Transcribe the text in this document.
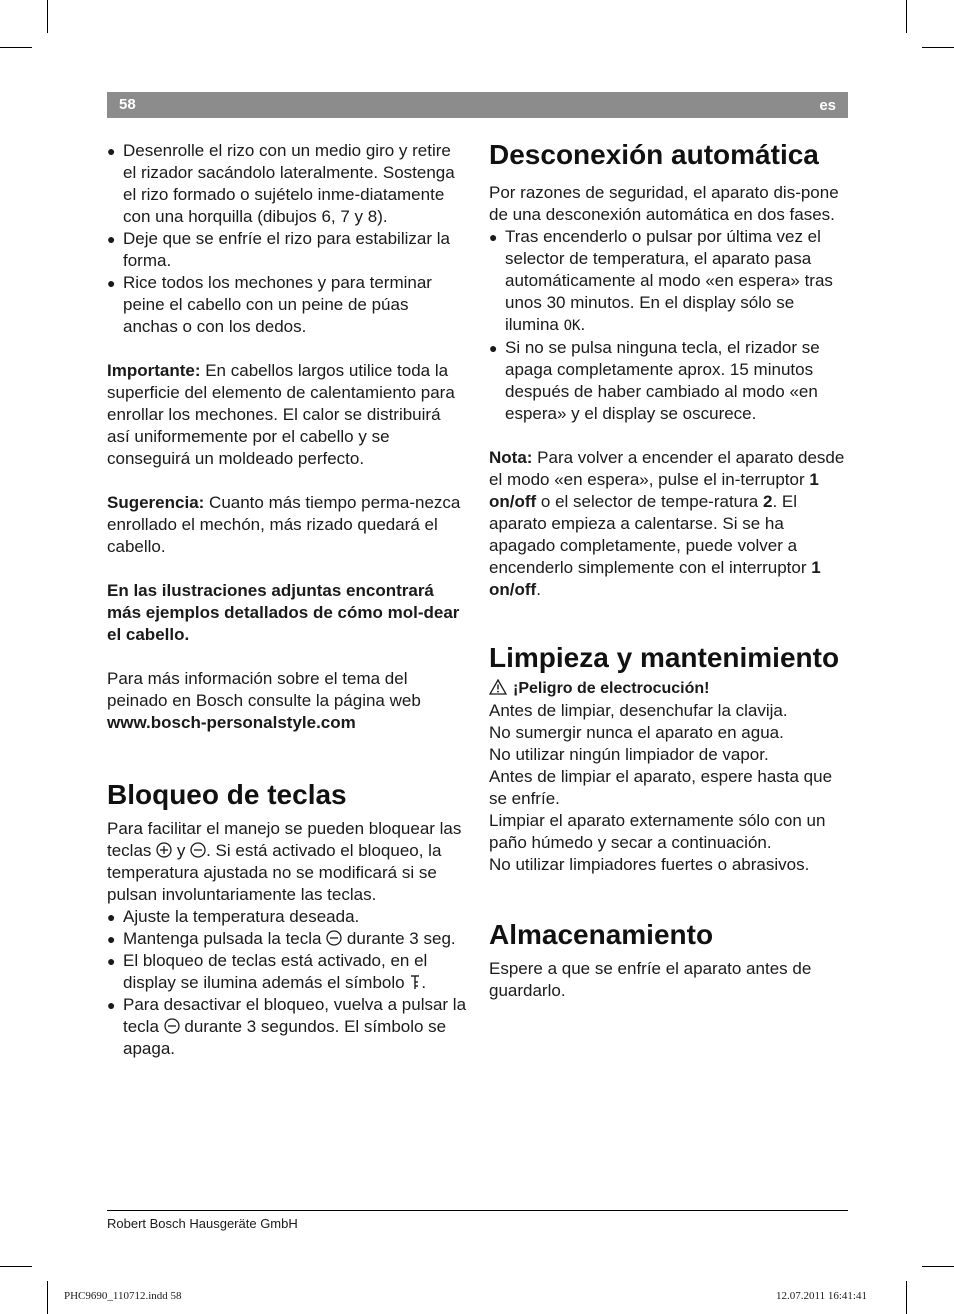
58	es
● Desenrolle el rizo con un medio giro y retire el rizador sacándolo lateralmente. Sostenga el rizo formado o sujételo inme-diatamente con una horquilla (dibujos 6, 7 y 8).
● Deje que se enfríe el rizo para estabilizar la forma.
● Rice todos los mechones y para terminar peine el cabello con un peine de púas anchas o con los dedos.

Importante: En cabellos largos utilice toda la superficie del elemento de calentamiento para enrollar los mechones. El calor se distribuirá así uniformemente por el cabello y se conseguirá un moldeado perfecto.

Sugerencia: Cuanto más tiempo perma-nezca enrollado el mechón, más rizado quedará el cabello.

En las ilustraciones adjuntas encontrará más ejemplos detallados de cómo mol-dear el cabello.

Para más información sobre el tema del peinado en Bosch consulte la página web

www.bosch-personalstyle.com

Bloqueo de teclas

Para facilitar el manejo se pueden bloquear las teclas  y . Si está activado el bloqueo, la temperatura ajustada no se modificará si se pulsan involuntariamente las teclas.

● Ajuste la temperatura deseada.
● Mantenga pulsada la tecla  durante 3 seg.
● El bloqueo de teclas está activado, en el display se ilumina además el símbolo .
● Para desactivar el bloqueo, vuelva a pulsar la tecla  durante 3 segundos. El símbolo se apaga.
Desconexión automática

Por razones de seguridad, el aparato dis-pone de una desconexión automática en dos fases.

● Tras encenderlo o pulsar por última vez el selector de temperatura, el aparato pasa automáticamente al modo «en espera» tras unos 30 minutos. En el display sólo se ilumina OK.
● Si no se pulsa ninguna tecla, el rizador se apaga completamente aprox. 15 minutos después de haber cambiado al modo «en espera» y el display se oscurece.

Nota: Para volver a encender el aparato desde el modo «en espera», pulse el in-terruptor 1 on/off o el selector de tempe-ratura 2. El aparato empieza a calentarse. Si se ha apagado completamente, puede volver a encenderlo simplemente con el interruptor 1 on/off.

Limpieza y mantenimiento

¡Peligro de electrocución!

Antes de limpiar, desenchufar la clavija.

No sumergir nunca el aparato en agua.

No utilizar ningún limpiador de vapor.

Antes de limpiar el aparato, espere hasta que se enfríe.

Limpiar el aparato externamente sólo con un paño húmedo y secar a continuación.

No utilizar limpiadores fuertes o abrasivos.

Almacenamiento

Espere a que se enfríe el aparato antes de guardarlo.

Robert Bosch Hausgeräte GmbH
PHC9690_110712.indd 58	12.07.2011 16:41:41
